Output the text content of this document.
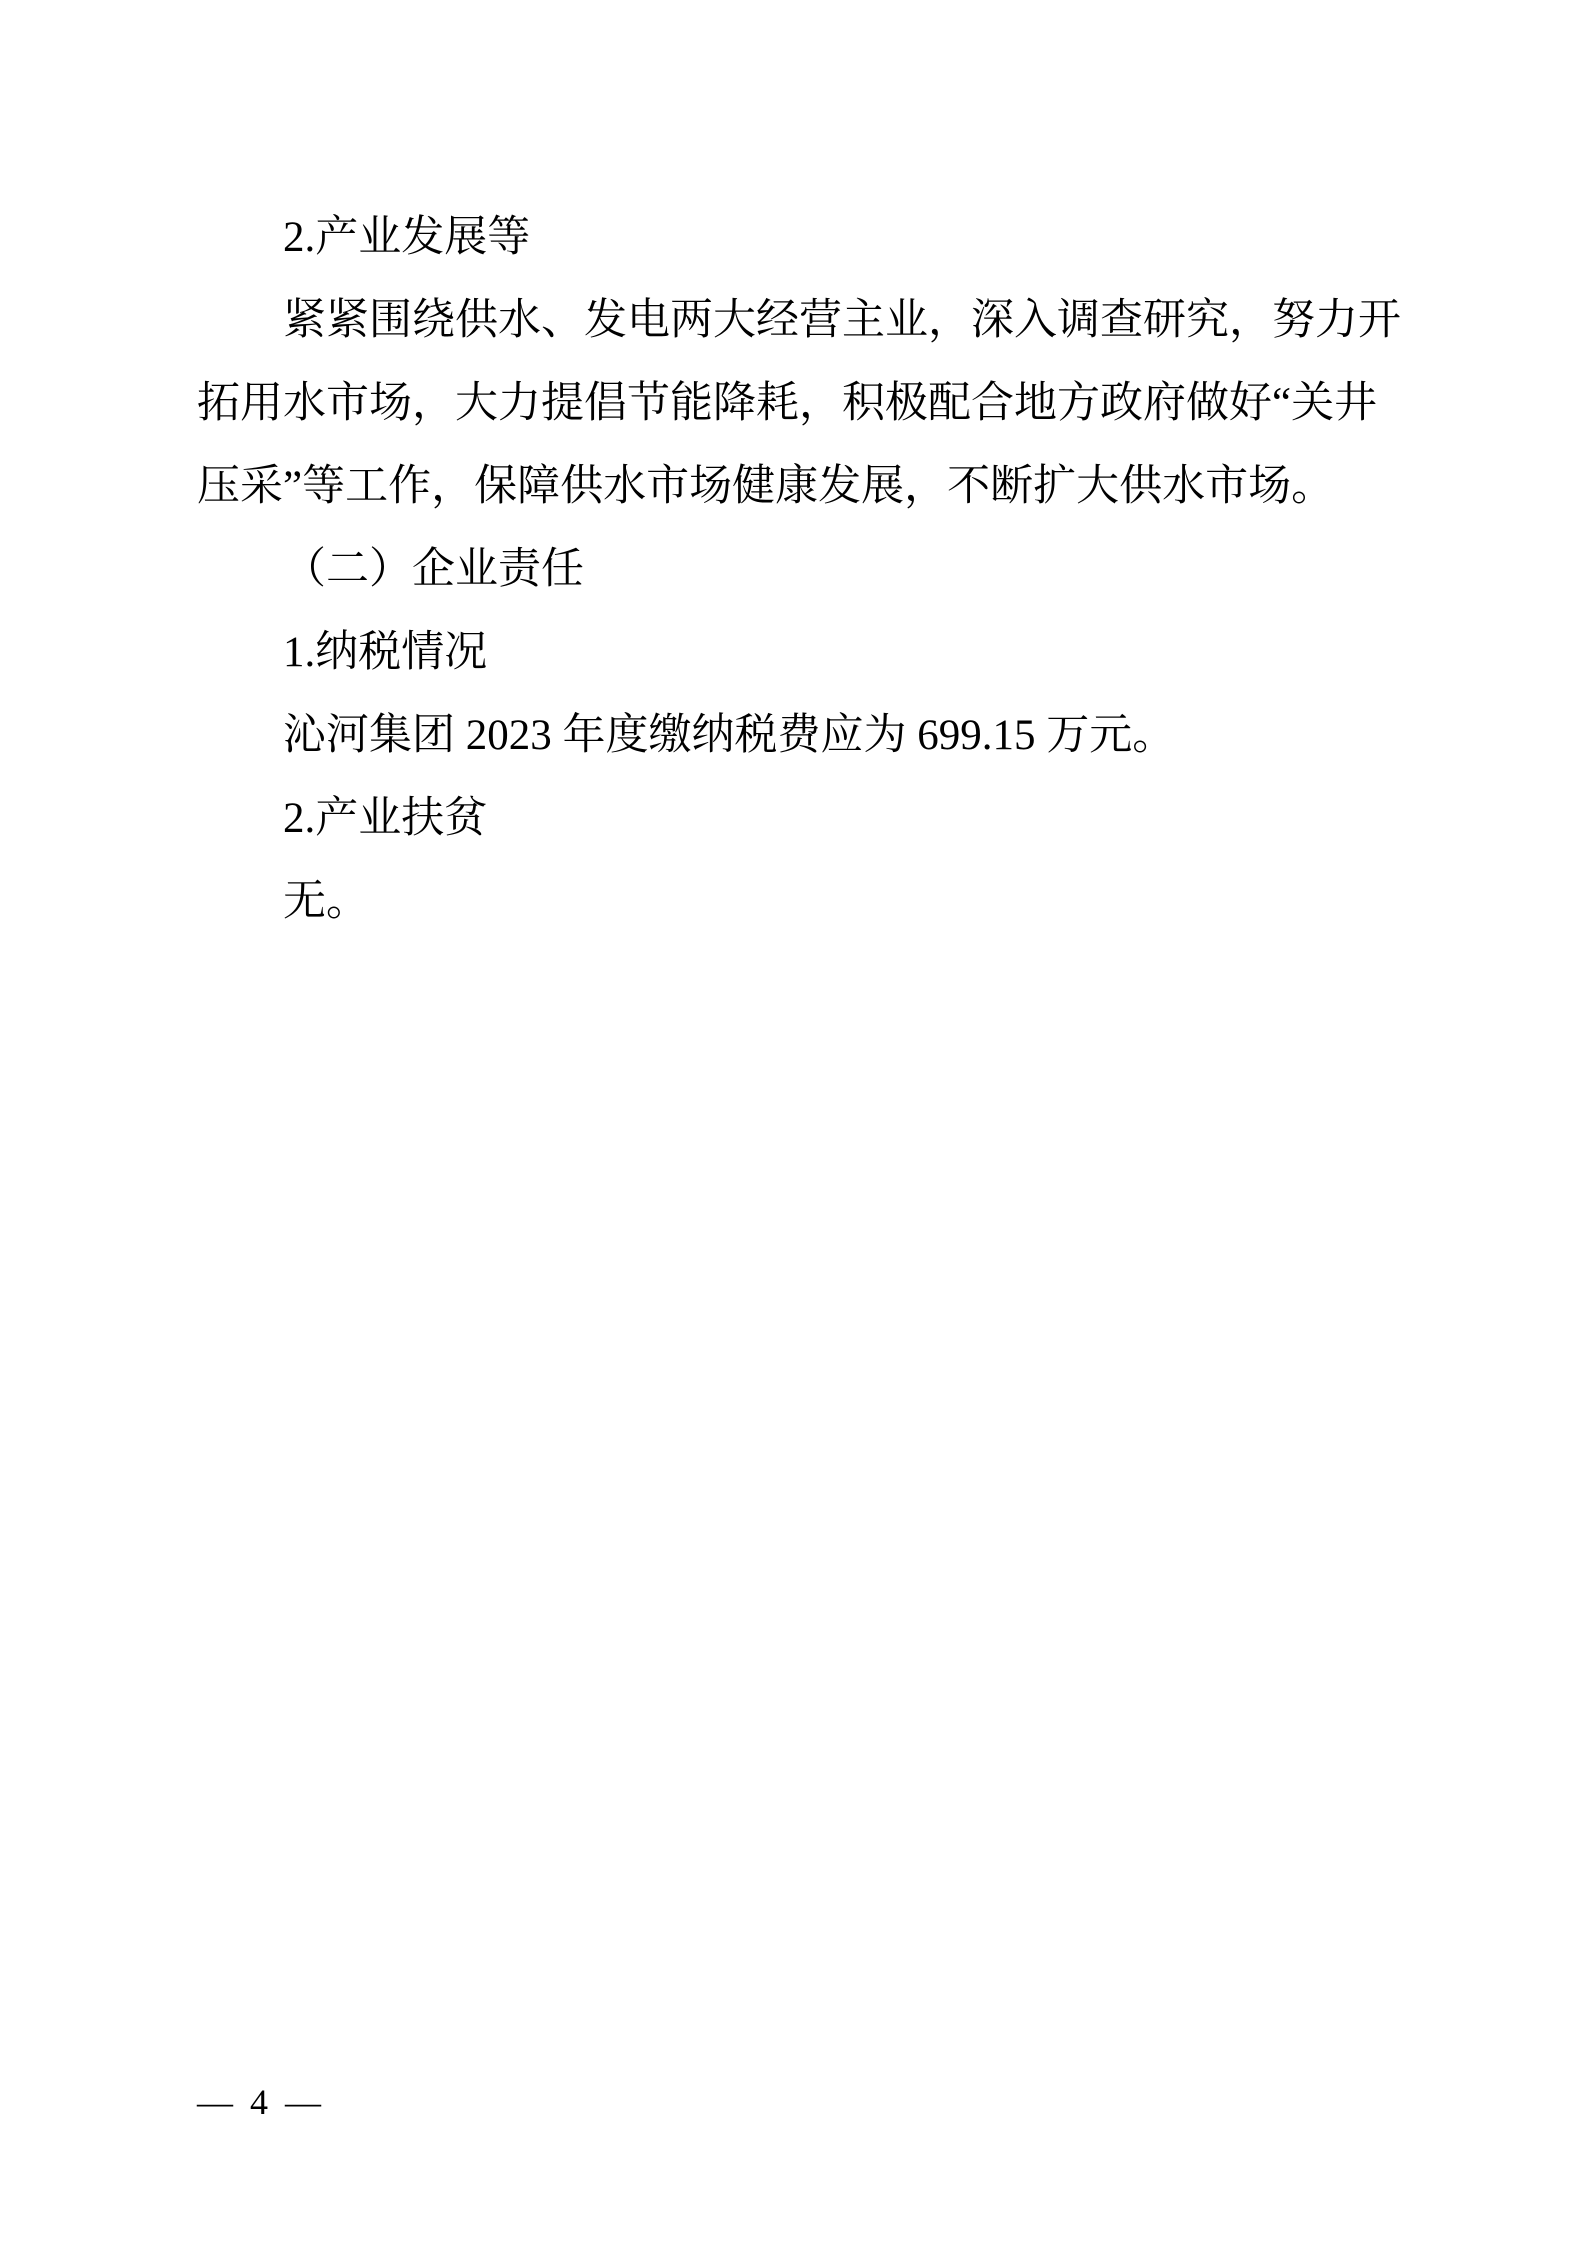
2.产业发展等
紧紧围绕供水、发电两大经营主业，深入调查研究，努力开
拓用水市场，大力提倡节能降耗，积极配合地方政府做好“关井
压采”等工作，保障供水市场健康发展，不断扩大供水市场。
（二）企业责任
1.纳税情况
沁河集团 2023 年度缴纳税费应为 699.15 万元。
2.产业扶贫
无。
— 4 —
